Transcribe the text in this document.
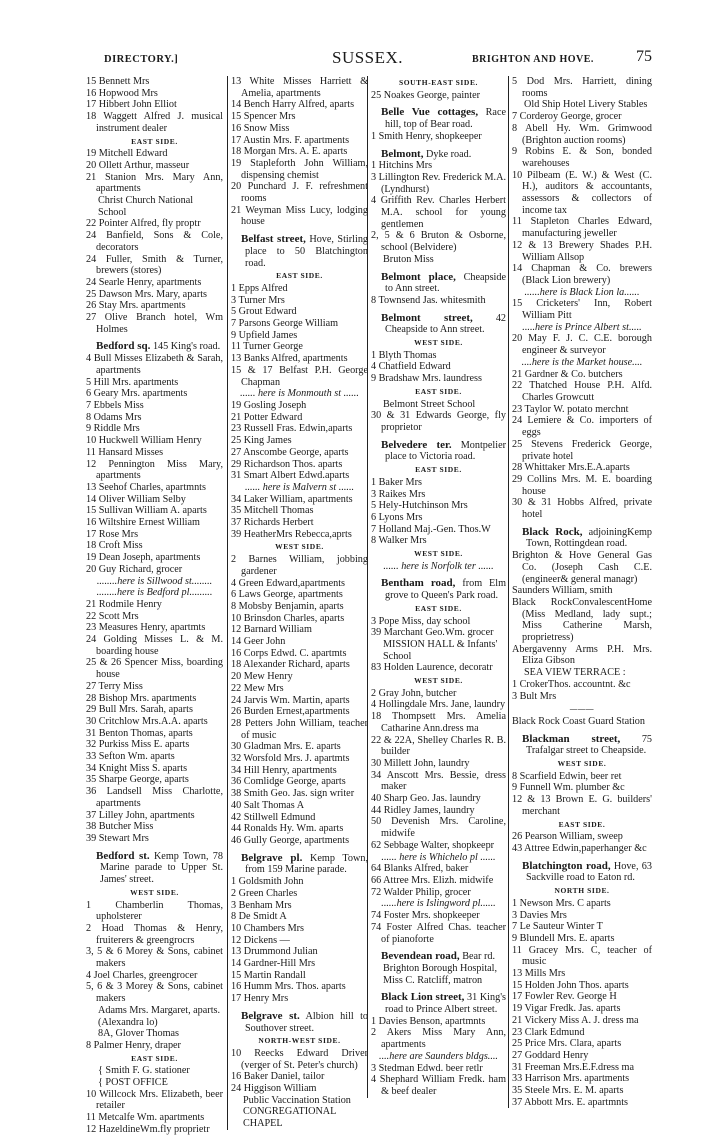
DIRECTORY.]	SUSSEX.	BRIGHTON AND HOVE.	75
15 Bennett Mrs
16 Hopwood Mrs
17 Hibbert John Elliot
18 Waggett Alfred J. musical instrument dealer
EAST SIDE.
19 Mitchell Edward
20 Ollett Arthur, masseur
21 Stanion Mrs. Mary Ann, apartments
Christ Church National School
22 Pointer Alfred, fly proptr
24 Banfield, Sons & Cole, decorators
24 Fuller, Smith & Turner, brewers (stores)
24 Searle Henry, apartments
25 Dawson Mrs. Mary, aparts
26 Stay Mrs. apartments
27 Olive Branch hotel, Wm Holmes
Bedford sq. 145 King's road.
4 Bull Misses Elizabeth & Sarah, apartments
5 Hill Mrs. apartments
6 Geary Mrs. apartments
7 Ebbels Miss
8 Odams Mrs
9 Riddle Mrs
10 Huckwell William Henry
11 Hansard Misses
12 Pennington Miss Mary, apartments
13 Seehof Charles, apartmnts
14 Oliver William Selby
15 Sullivan William A. aparts
16 Wiltshire Ernest William
17 Rose Mrs
18 Croft Miss
19 Dean Joseph, apartments
20 Guy Richard, grocer
........here is Sillwood st........
........here is Bedford pl.........
21 Rodmile Henry
22 Scott Mrs
23 Measures Henry, apartmts
24 Golding Misses L. & M. boarding house
25 & 26 Spencer Miss, boarding house
27 Terry Miss
28 Bishop Mrs. apartments
29 Bull Mrs. Sarah, aparts
30 Critchlow Mrs.A.A. aparts
31 Benton Thomas, aparts
32 Purkiss Miss E. aparts
33 Sefton Wm. aparts
34 Knight Miss S. aparts
35 Sharpe George, aparts
36 Landsell Miss Charlotte, apartments
37 Lilley John, apartments
38 Butcher Miss
39 Stewart Mrs
Bedford st. Kemp Town, 78 Marine parade to Upper St. James' street.
WEST SIDE.
1 Chamberlin Thomas, upholsterer
2 Hoad Thomas & Henry, fruiterers & greengrocrs
3, 5 & 6 Morey & Sons, cabinet makers
4 Joel Charles, greengrocer
5, 6 & 3 Morey & Sons, cabinet makers
Adams Mrs. Margaret, aparts. (Alexandra lo)
8A, Glover Thomas
8 Palmer Henry, draper
EAST SIDE.
{ Smith F. G. stationer
{ POST OFFICE
10 Willcock Mrs. Elizabeth, beer retailer
11 Metcalfe Wm. apartments
12 HazeldineWm.fly proprietr
13 White Misses Harriett & Amelia, apartments
14 Bench Harry Alfred, aparts
15 Spencer Mrs
16 Snow Miss
17 Austin Mrs. F. apartments
18 Morgan Mrs. A. E. aparts
19 Stapleforth John William, dispensing chemist
20 Punchard J. F. refreshment rooms
21 Weyman Miss Lucy, lodging house
Belfast street, Hove, Stirling place to 50 Blatchington road.
EAST SIDE.
1 Epps Alfred
3 Turner Mrs
5 Grout Edward
7 Parsons George William
9 Upfield James
11 Turner George
13 Banks Alfred, apartments
15 & 17 Belfast P.H. George Chapman
...... here is Monmouth st ......
19 Gosling Joseph
21 Potter Edward
23 Russell Fras. Edwin,aparts
25 King James
27 Anscombe George, aparts
29 Richardson Thos. aparts
31 Smart Albert Edwd.aparts
...... here is Malvern st ......
34 Laker William, apartments
35 Mitchell Thomas
37 Richards Herbert
39 HeatherMrs Rebecca,aprts
WEST SIDE.
2 Barnes William, jobbing gardener
4 Green Edward,apartments
6 Laws George, apartments
8 Mobsby Benjamin, aparts
10 Brinsdon Charles, aparts
12 Barnard William
14 Geer John
16 Corps Edwd. C. apartmts
18 Alexander Richard, aparts
20 Mew Henry
22 Mew Mrs
24 Jarvis Wm. Martin, aparts
26 Burden Ernest,apartments
28 Petters John William, teacher of music
30 Gladman Mrs. E. aparts
32 Worsfold Mrs. J. apartmts
34 Hill Henry, apartments
36 Comlidge George, aparts
38 Smith Geo. Jas. sign writer
40 Salt Thomas A
42 Stillwell Edmund
44 Ronalds Hy. Wm. aparts
46 Gully George, apartments
Belgrave pl. Kemp Town, from 159 Marine parade.
1 Goldsmith John
2 Green Charles
3 Benham Mrs
8 De Smidt A
10 Chambers Mrs
12 Dickens —
13 Drummond Julian
14 Gardner-Hill Mrs
15 Martin Randall
16 Humm Mrs. Thos. aparts
17 Henry Mrs
Belgrave st. Albion hill to Southover street.
NORTH-WEST SIDE.
10 Reecks Edward Driver (verger of St. Peter's church)
16 Baker Daniel, tailor
24 Higgison William
Public Vaccination Station
CONGREGATIONAL CHAPEL
SOUTH-EAST SIDE.
25 Noakes George, painter
Belle Vue cottages, Race hill, top of Bear road.
1 Smith Henry, shopkeeper
Belmont, Dyke road.
1 Hitchins Mrs
3 Lillington Rev. Frederick M.A. (Lyndhurst)
4 Griffith Rev. Charles Herbert M.A. school for young gentlemen
2, 5 & 6 Bruton & Osborne, school (Belvidere)
Bruton Miss
Belmont place, Cheapside to Ann street.
8 Townsend Jas. whitesmith
Belmont street, 42 Cheapside to Ann street.
WEST SIDE.
1 Blyth Thomas
4 Chatfield Edward
9 Bradshaw Mrs. laundress
EAST SIDE.
Belmont Street School
30 & 31 Edwards George, fly proprietor
Belvedere ter. Montpelier place to Victoria road.
EAST SIDE.
1 Baker Mrs
3 Raikes Mrs
5 Hely-Hutchinson Mrs
6 Lyons Mrs
7 Holland Maj.-Gen. Thos.W
8 Walker Mrs
WEST SIDE.
...... here is Norfolk ter ......
Bentham road, from Elm grove to Queen's Park road.
EAST SIDE.
3 Pope Miss, day school
39 Marchant Geo.Wm. grocer
MISSION HALL & Infants' School
83 Holden Laurence, decoratr
WEST SIDE.
2 Gray John, butcher
4 Hollingdale Mrs. Jane, laundry
18 Thompsett Mrs. Amelia Catharine Ann.dress ma
22 & 22A, Shelley Charles R. B. builder
30 Millett John, laundry
34 Anscott Mrs. Bessie, dress maker
40 Sharp Geo. Jas. laundry
44 Ridley James, laundry
50 Devenish Mrs. Caroline, midwife
62 Sebbage Walter, shopkeepr
...... here is Whichelo pl ......
64 Blanks Alfred, baker
66 Attree Mrs. Elizh. midwife
72 Walder Philip, grocer
......here is Islingword pl......
74 Foster Mrs. shopkeeper
74 Foster Alfred Chas. teacher of pianoforte
Bevendean road, Bear rd.
Brighton Borough Hospital, Miss C. Ratcliff, matron
Black Lion street, 31 King's road to Prince Albert street.
1 Davies Benson, apartmnts
2 Akers Miss Mary Ann, apartments
....here are Saunders bldgs....
3 Stedman Edwd. beer retlr
4 Shephard William Fredk. ham & beef dealer
5 Dod Mrs. Harriett, dining rooms
Old Ship Hotel Livery Stables
7 Corderoy George, grocer
8 Abell Hy. Wm. Grimwood (Brighton auction rooms)
9 Robins E. & Son, bonded warehouses
10 Pilbeam (E. W.) & West (C. H.), auditors & accountants, assessors & collectors of income tax
11 Stapleton Charles Edward, manufacturing jeweller
12 & 13 Brewery Shades P.H. William Allsop
14 Chapman & Co. brewers (Black Lion brewery)
......here is Black Lion la......
15 Cricketers' Inn, Robert William Pitt
.....here is Prince Albert st.....
20 May F. J. C. C.E. borough engineer & surveyor
....here is the Market house....
21 Gardner & Co. butchers
22 Thatched House P.H. Alfd. Charles Growcutt
23 Taylor W. potato merchnt
24 Lemiere & Co. importers of eggs
25 Stevens Frederick George, private hotel
28 Whittaker Mrs.E.A.aparts
29 Collins Mrs. M. E. boarding house
30 & 31 Hobbs Alfred, private hotel
Black Rock, adjoiningKemp Town, Rottingdean road.
Brighton & Hove General Gas Co. (Joseph Cash C.E. (engineer& general managr)
Saunders William, smith
Black RockConvalescentHome (Miss Medland, lady supt.; Miss Catherine Marsh, proprietress)
Abergavenny Arms P.H. Mrs. Eliza Gibson
SEA VIEW TERRACE :
1 CrokerThos. accountnt. &c
3 Bult Mrs
———
Black Rock Coast Guard Station
Blackman street, 75 Trafalgar street to Cheapside.
WEST SIDE.
8 Scarfield Edwin, beer ret
9 Funnell Wm. plumber &c
12 & 13 Brown E. G. builders' merchant
EAST SIDE.
26 Pearson William, sweep
43 Attree Edwin,paperhanger &c
Blatchington road, Hove, 63 Sackville road to Eaton rd.
NORTH SIDE.
1 Newson Mrs. C aparts
3 Davies Mrs
7 Le Sauteur Winter T
9 Blundell Mrs. E. aparts
11 Gracey Mrs. C, teacher of music
13 Mills Mrs
15 Holden John Thos. aparts
17 Fowler Rev. George H
19 Vigar Fredk. Jas. aparts
21 Vickery Miss A. J. dress ma
23 Clark Edmund
25 Price Mrs. Clara, aparts
27 Goddard Henry
31 Freeman Mrs.E.F.dress ma
33 Harrison Mrs. apartments
35 Steele Mrs. E. M. aparts
37 Abbott Mrs. E. apartmnts
